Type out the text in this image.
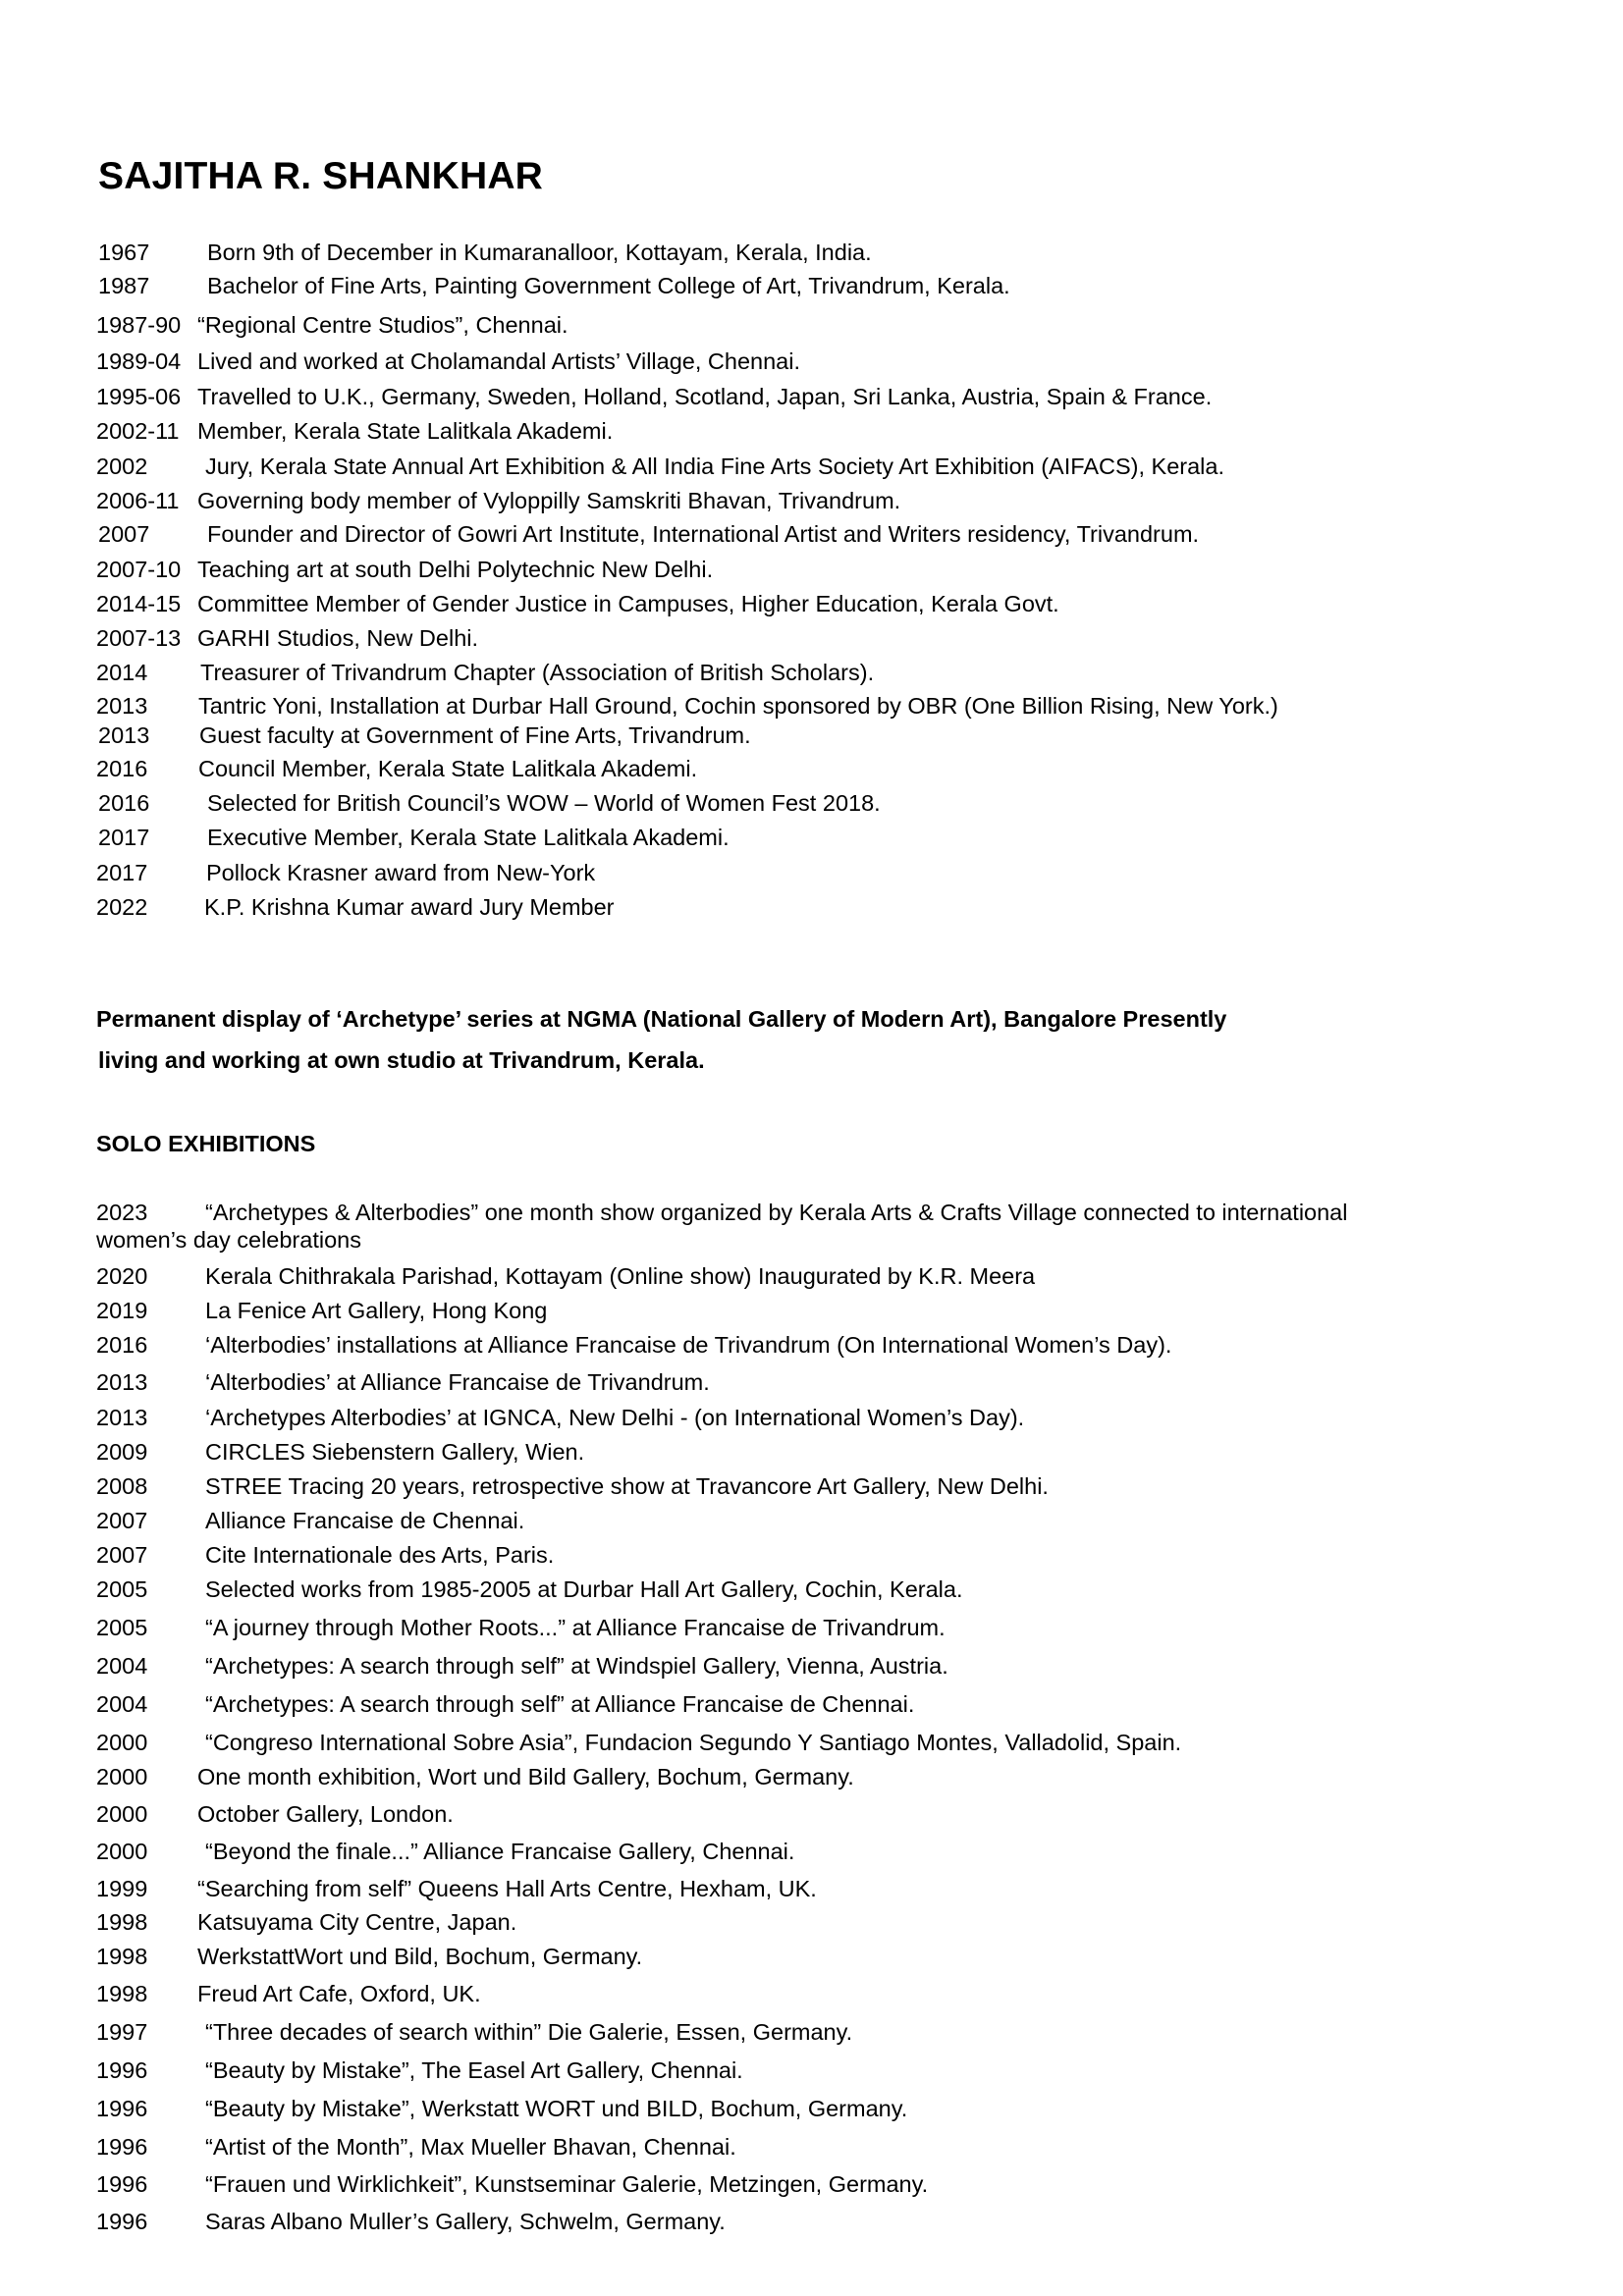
SAJITHA R. SHANKHAR
1967 Born 9th of December in Kumaranalloor, Kottayam, Kerala, India.
1987 Bachelor of Fine Arts, Painting Government College of Art, Trivandrum, Kerala.
1987-90 “Regional Centre Studios”, Chennai.
1989-04 Lived and worked at Cholamandal Artists’ Village, Chennai.
1995-06 Travelled to U.K., Germany, Sweden, Holland, Scotland, Japan, Sri Lanka, Austria, Spain & France.
2002-11 Member, Kerala State Lalitkala Akademi.
2002 Jury, Kerala State Annual Art Exhibition & All India Fine Arts Society Art Exhibition (AIFACS), Kerala.
2006-11 Governing body member of Vyloppilly Samskriti Bhavan, Trivandrum.
2007 Founder and Director of Gowri Art Institute, International Artist and Writers residency, Trivandrum.
2007-10 Teaching art at south Delhi Polytechnic New Delhi.
2014-15 Committee Member of Gender Justice in Campuses, Higher Education, Kerala Govt.
2007-13 GARHI Studios, New Delhi.
2014 Treasurer of Trivandrum Chapter (Association of British Scholars).
2013 Tantric Yoni, Installation at Durbar Hall Ground, Cochin sponsored by OBR (One Billion Rising, New York.)
2013 Guest faculty at Government of Fine Arts, Trivandrum.
2016 Council Member, Kerala State Lalitkala Akademi.
2016 Selected for British Council’s WOW – World of Women Fest 2018.
2017 Executive Member, Kerala State Lalitkala Akademi.
2017	Pollock Krasner award from New-York
2022 K.P. Krishna Kumar award Jury Member
Permanent display of ‘Archetype’ series at NGMA (National Gallery of Modern Art), Bangalore Presently
living and working at own studio at Trivandrum, Kerala.
SOLO EXHIBITIONS
2023 “Archetypes & Alterbodies” one month show organized by Kerala Arts & Crafts Village connected to international
women’s day celebrations
2020 Kerala Chithrakala Parishad, Kottayam (Online show) Inaugurated by K.R. Meera
2019 La Fenice Art Gallery, Hong Kong
2016 ‘Alterbodies’ installations at Alliance Francaise de Trivandrum (On International Women’s Day).
2013 ‘Alterbodies’ at Alliance Francaise de Trivandrum.
2013 ‘Archetypes Alterbodies’ at IGNCA, New Delhi - (on International Women’s Day).
2009 CIRCLES Siebenstern Gallery, Wien.
2008 STREE Tracing 20 years, retrospective show at Travancore Art Gallery, New Delhi.
2007 Alliance Francaise de Chennai.
2007 Cite Internationale des Arts, Paris.
2005 Selected works from 1985-2005 at Durbar Hall Art Gallery, Cochin, Kerala.
2005 “A journey through Mother Roots...” at Alliance Francaise de Trivandrum.
2004 “Archetypes: A search through self” at Windspiel Gallery, Vienna, Austria.
2004 “Archetypes: A search through self” at Alliance Francaise de Chennai.
2000 “Congreso International Sobre Asia”, Fundacion Segundo Y Santiago Montes, Valladolid, Spain.
2000 One month exhibition, Wort und Bild Gallery, Bochum, Germany.
2000 October Gallery, London.
2000 “Beyond the finale...” Alliance Francaise Gallery, Chennai.
1999 “Searching from self” Queens Hall Arts Centre, Hexham, UK.
1998 Katsuyama City Centre, Japan.
1998 WerkstattWort und Bild, Bochum, Germany.
1998 Freud Art Cafe, Oxford, UK.
1997 “Three decades of search within” Die Galerie, Essen, Germany.
1996 “Beauty by Mistake”, The Easel Art Gallery, Chennai.
1996 “Beauty by Mistake”, Werkstatt WORT und BILD, Bochum, Germany.
1996 “Artist of the Month”, Max Mueller Bhavan, Chennai.
1996 “Frauen und Wirklichkeit”, Kunstseminar Galerie, Metzingen, Germany.
1996 Saras Albano Muller’s Gallery, Schwelm, Germany.
